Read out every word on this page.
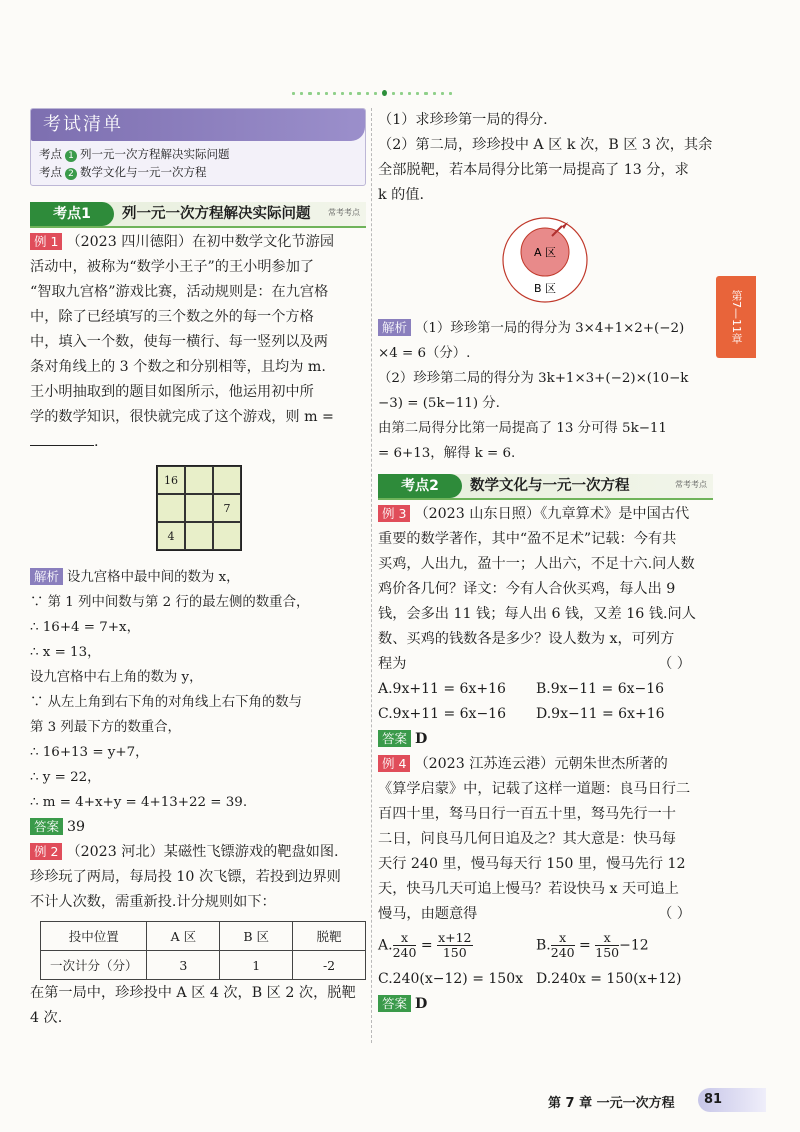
第7—11章
考试清单
考点 1 列一元一次方程解决实际问题
考点 2 数学文化与一元一次方程
考点1	列一元一次方程解决实际问题 常考考点

例 1 （2023 四川德阳）在初中数学文化节游园

活动中，被称为“数学小王子”的王小明参加了

“智取九宫格”游戏比赛，活动规则是：在九宫格

中，除了已经填写的三个数之外的每一个方格

中，填入一个数，使每一横行、每一竖列以及两

条对角线上的 3 个数之和分别相等，且均为 m.

王小明抽取到的题目如图所示，他运用初中所

学的数学知识，很快就完成了这个游戏，则 m =

.

16
7
4

解析 设九宫格中最中间的数为 x，

∵ 第 1 列中间数与第 2 行的最左侧的数重合，

∴ 16+4 = 7+x，

∴ x = 13，

设九宫格中右上角的数为 y，

∵ 从左上角到右下角的对角线上右下角的数与

第 3 列最下方的数重合，

∴ 16+13 = y+7，

∴ y = 22，

∴ m = 4+x+y = 4+13+22 = 39.

答案 39

例 2 （2023 河北）某磁性飞镖游戏的靶盘如图.

珍珍玩了两局，每局投 10 次飞镖，若投到边界则

不计人次数，需重新投.计分规则如下：

投中位置	A 区	B 区	脱靶
一次计分（分）	3	1	-2

在第一局中，珍珍投中 A 区 4 次，B 区 2 次，脱靶

4 次.

（1）求珍珍第一局的得分.

（2）第二局，珍珍投中 A 区 k 次，B 区 3 次，其余

全部脱靶，若本局得分比第一局提高了 13 分，求

k 的值.

A 区
B 区

解析 （1）珍珍第一局的得分为 3×4+1×2+(−2)

×4 = 6（分）.

（2）珍珍第二局的得分为 3k+1×3+(−2)×(10−k

−3) = (5k−11) 分.

由第二局得分比第一局提高了 13 分可得 5k−11

= 6+13，解得 k = 6.

考点2	数学文化与一元一次方程	常考考点

例 3 （2023 山东日照）《九章算术》是中国古代

重要的数学著作，其中“盈不足术”记载：今有共

买鸡，人出九，盈十一；人出六，不足十六.问人数

鸡价各几何？译文：今有人合伙买鸡，每人出 9

钱，会多出 11 钱；每人出 6 钱，又差 16 钱.问人

数、买鸡的钱数各是多少？设人数为 x，可列方

程为	（ ）

A.9x+11 = 6x+16 B.9x−11 = 6x−16
C.9x+11 = 6x−16 D.9x−11 = 6x+16

答案 D

例 4 （2023 江苏连云港）元朝朱世杰所著的

《算学启蒙》中，记载了这样一道题：良马日行二

百四十里，驽马日行一百五十里，驽马先行一十

二日，问良马几何日追及之？其大意是：快马每

天行 240 里，慢马每天行 150 里，慢马先行 12

天，快马几天可追上慢马？若设快马 x 天可追上

慢马，由题意得	（ ）

A. $\frac{x}{240} = \frac{x+12}{150}$	B. $\frac{x}{240} = \frac{x}{150} -12$
C.240(x−12) = 150x D.240x = 150(x+12)

答案 D

第 7 章 一元一次方程	81
